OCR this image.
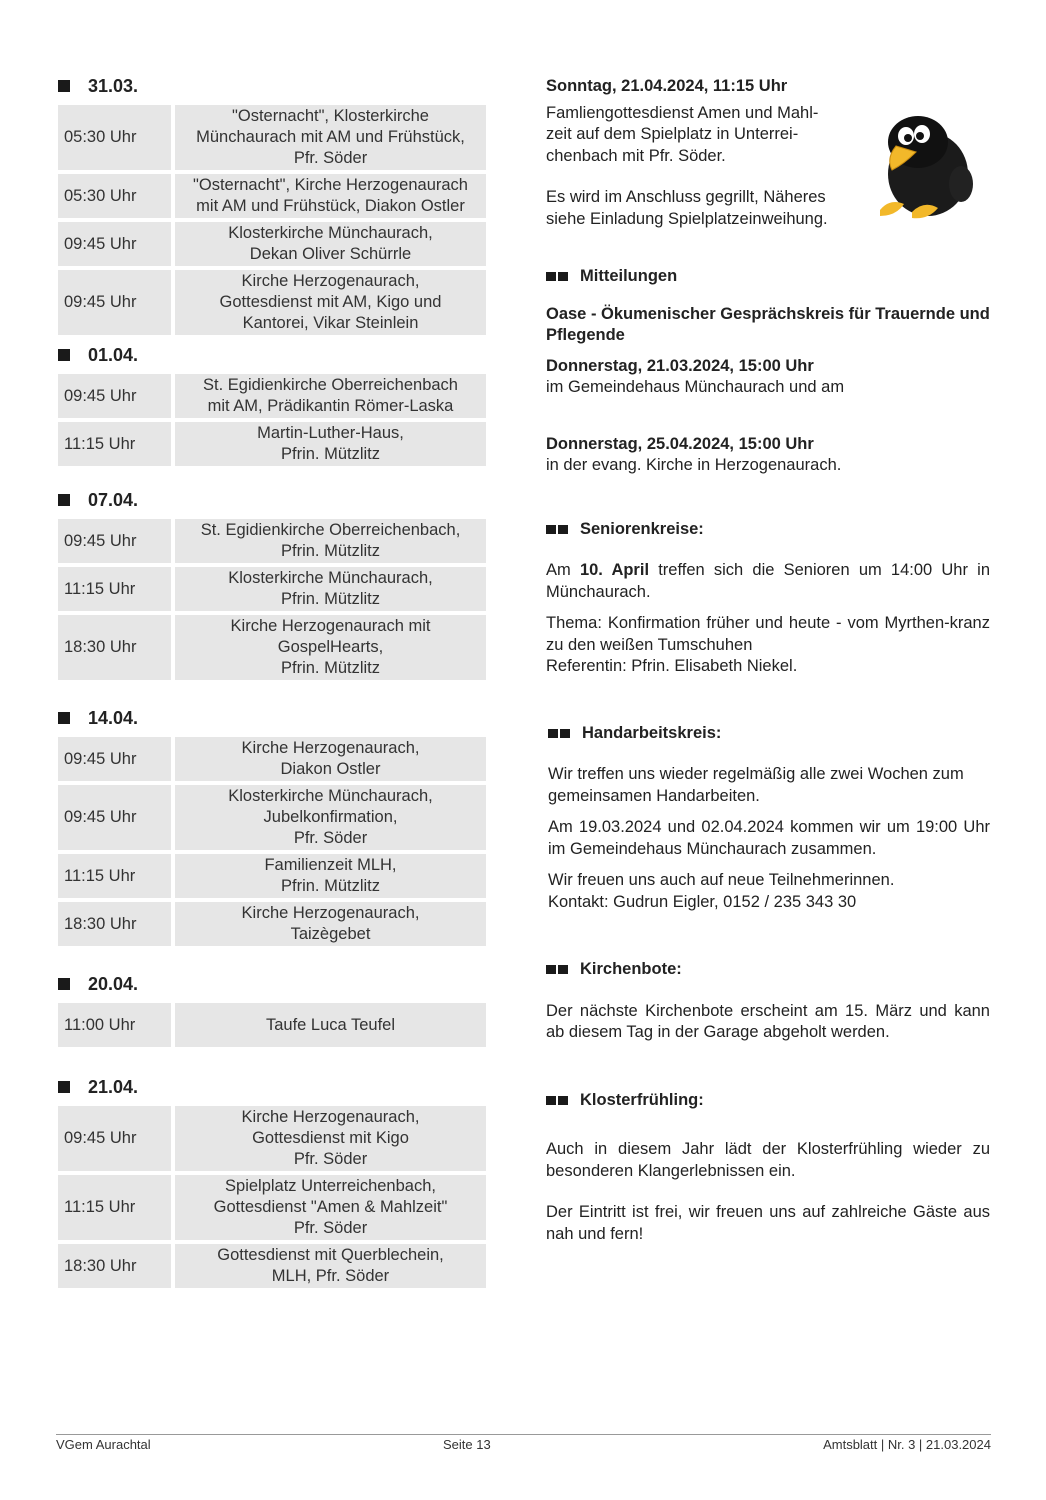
31.03.
05:30 Uhr
"Osternacht", Klosterkirche
Münchaurach mit AM und Frühstück,
Pfr. Söder
05:30 Uhr
"Osternacht", Kirche Herzogenaurach
mit AM und Frühstück, Diakon Ostler
09:45 Uhr
Klosterkirche Münchaurach,
Dekan Oliver Schürrle
09:45 Uhr
Kirche Herzogenaurach,
Gottesdienst mit AM, Kigo und
Kantorei, Vikar Steinlein
01.04.
09:45 Uhr
St. Egidienkirche Oberreichenbach
mit AM, Prädikantin Römer-Laska
11:15 Uhr
Martin-Luther-Haus,
Pfrin. Mützlitz
07.04.
09:45 Uhr
St. Egidienkirche Oberreichenbach,
Pfrin. Mützlitz
11:15 Uhr
Klosterkirche Münchaurach,
Pfrin. Mützlitz
18:30 Uhr
Kirche Herzogenaurach mit
GospelHearts,
Pfrin. Mützlitz
14.04.
09:45 Uhr
Kirche Herzogenaurach,
Diakon Ostler
09:45 Uhr
Klosterkirche Münchaurach,
Jubelkonfirmation,
Pfr. Söder
11:15 Uhr
Familienzeit MLH,
Pfrin. Mützlitz
18:30 Uhr
Kirche Herzogenaurach,
Taizègebet
20.04.
11:00 Uhr	Taufe Luca Teufel
21.04.
09:45 Uhr
Kirche Herzogenaurach,
Gottesdienst mit Kigo
Pfr. Söder
11:15 Uhr
Spielplatz Unterreichenbach,
Gottesdienst "Amen & Mahlzeit"
Pfr. Söder
18:30 Uhr
Gottesdienst mit Querblechein,
MLH, Pfr. Söder

Sonntag, 21.04.2024, 11:15 Uhr

Famliengottesdienst Amen und Mahl-
zeit auf dem Spielplatz in Unterrei-
chenbach mit Pfr. Söder.
Es wird im Anschluss gegrillt, Näheres
siehe Einladung Spielplatzeinweihung.
Mitteilungen

Oase - Ökumenischer Gesprächskreis für Trauernde und Pflegende

Donnerstag, 21.03.2024, 15:00 Uhr

im Gemeindehaus Münchaurach und am

Donnerstag, 25.04.2024, 15:00 Uhr

in der evang. Kirche in Herzogenaurach.

Seniorenkreise:

Am 10. April treffen sich die Senioren um 14:00 Uhr in Münchaurach.

Thema: Konfirmation früher und heute - vom Myrthen-kranz zu den weißen Tumschuhen

Referentin: Pfrin. Elisabeth Niekel.

Handarbeitskreis:

Wir treffen uns wieder regelmäßig alle zwei Wochen zum gemeinsamen Handarbeiten.

Am 19.03.2024 und 02.04.2024 kommen wir um 19:00 Uhr im Gemeindehaus Münchaurach zusammen.

Wir freuen uns auch auf neue Teilnehmerinnen.

Kontakt: Gudrun Eigler, 0152 / 235 343 30

Kirchenbote:

Der nächste Kirchenbote erscheint am 15. März und kann ab diesem Tag in der Garage abgeholt werden.

Klosterfrühling:

Auch in diesem Jahr lädt der Klosterfrühling wieder zu besonderen Klangerlebnissen ein.

Der Eintritt ist frei, wir freuen uns auf zahlreiche Gäste aus nah und fern!

VGem Aurachtal	Seite 13	Amtsblatt | Nr. 3 | 21.03.2024
